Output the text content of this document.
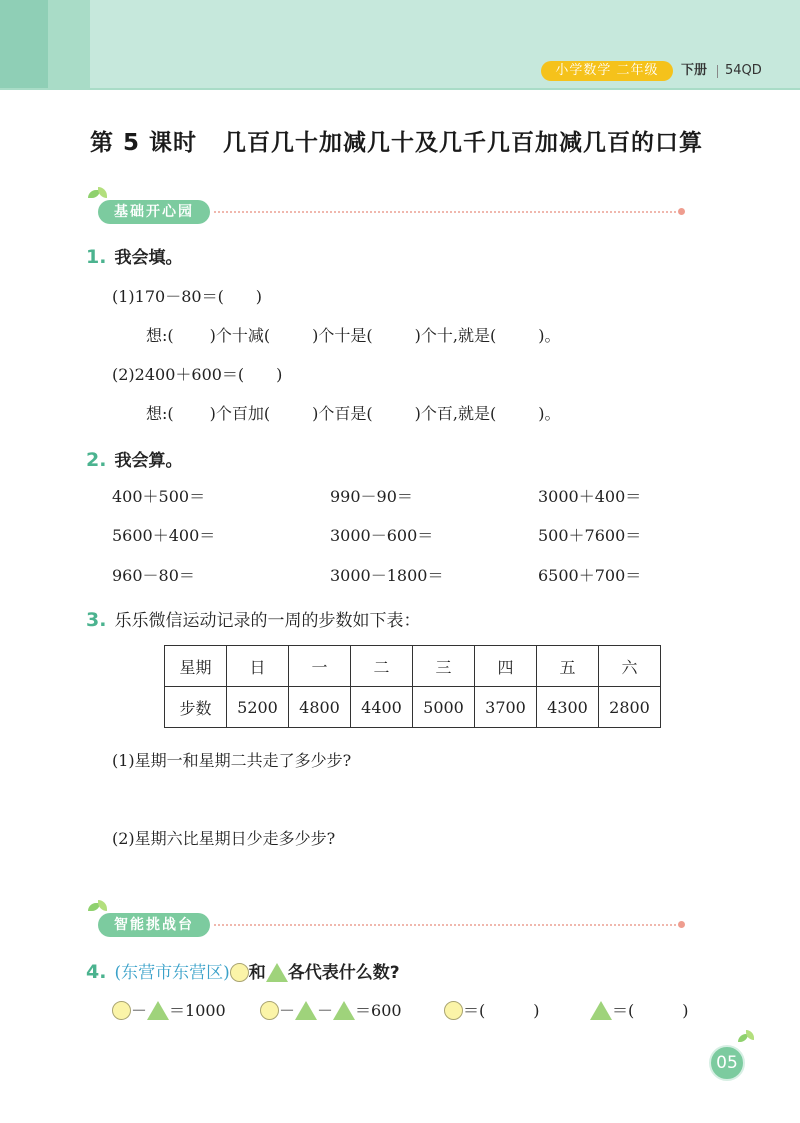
小学数学 二年级	下册 54QD
第 5 课时 几百几十加减几十及几千几百加减几百的口算
基础开心园
1. 我会填。
(1)170－80＝(　　)
想:( )个十减(	)个十是(	)个十,就是(	)。
(2)2400＋600＝(　　)
想:( )个百加(	)个百是(	)个百,就是(	)。
2. 我会算。
400＋500＝	990－90＝	3000＋400＝
5600＋400＝	3000－600＝	500＋7600＝
960－80＝	3000－1800＝	6500＋700＝
3. 乐乐微信运动记录的一周的步数如下表：
星期	日	一	二	三	四	五	六
步数	5200	4800	4400	5000	3700	4300	2800
(1)星期一和星期二共走了多少步?
(2)星期六比星期日少走多少步?
智能挑战台
4. (东营市东营区) 和 各代表什么数?
－ ＝1000	－ － ＝600	＝(　　　)	＝(　　　)
05
